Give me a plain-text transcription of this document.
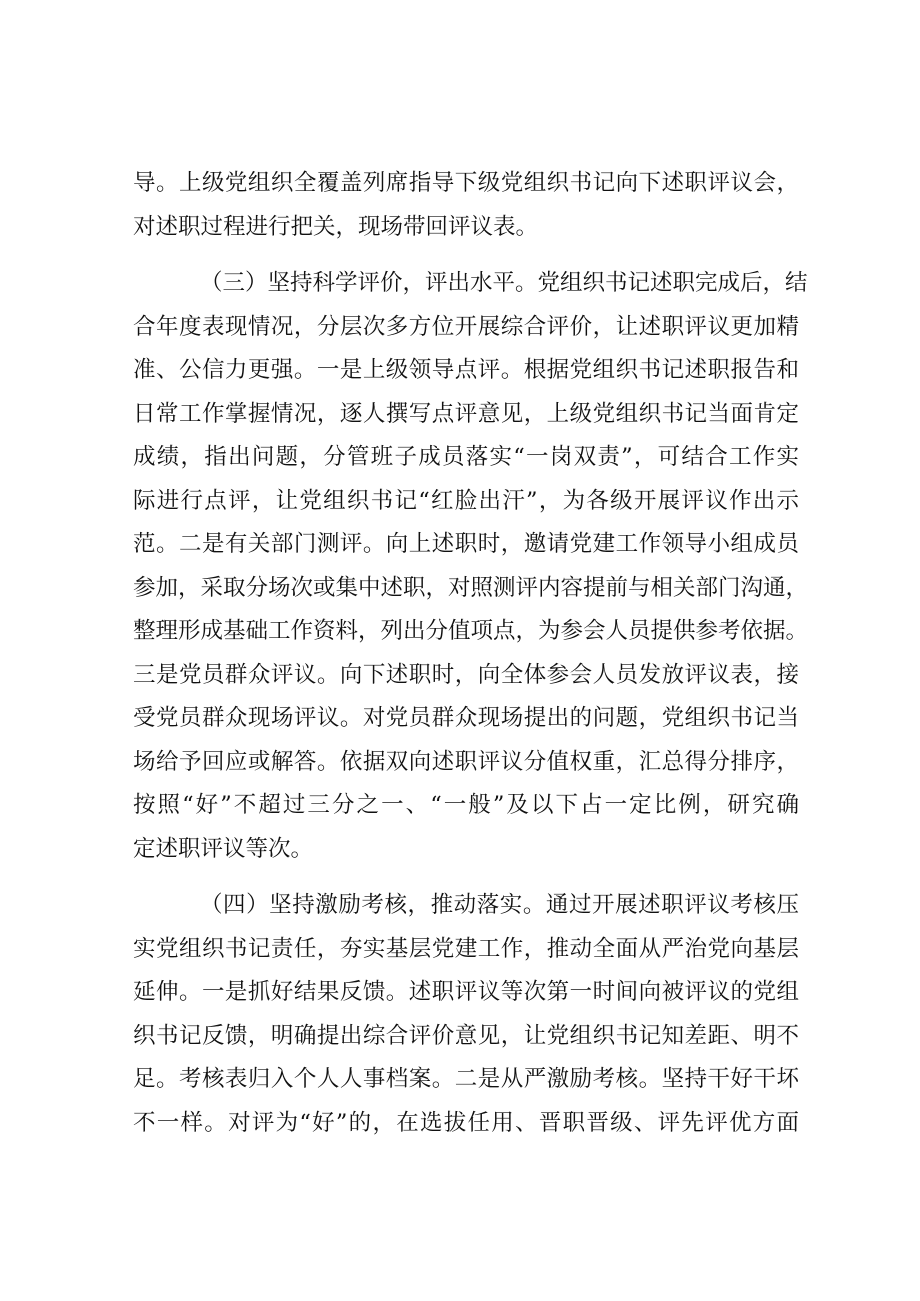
导。上级党组织全覆盖列席指导下级党组织书记向下述职评议会，
对述职过程进行把关，现场带回评议表。
（三）坚持科学评价，评出水平。党组织书记述职完成后，结
合年度表现情况，分层次多方位开展综合评价，让述职评议更加精
准、公信力更强。一是上级领导点评。根据党组织书记述职报告和
日常工作掌握情况，逐人撰写点评意见，上级党组织书记当面肯定
成绩，指出问题，分管班子成员落实“一岗双责”，可结合工作实
际进行点评，让党组织书记“红脸出汗”，为各级开展评议作出示
范。二是有关部门测评。向上述职时，邀请党建工作领导小组成员
参加，采取分场次或集中述职，对照测评内容提前与相关部门沟通，
整理形成基础工作资料，列出分值项点，为参会人员提供参考依据。
三是党员群众评议。向下述职时，向全体参会人员发放评议表，接
受党员群众现场评议。对党员群众现场提出的问题，党组织书记当
场给予回应或解答。依据双向述职评议分值权重，汇总得分排序，
按照“好”不超过三分之一、“一般”及以下占一定比例，研究确
定述职评议等次。
（四）坚持激励考核，推动落实。通过开展述职评议考核压
实党组织书记责任，夯实基层党建工作，推动全面从严治党向基层
延伸。一是抓好结果反馈。述职评议等次第一时间向被评议的党组
织书记反馈，明确提出综合评价意见，让党组织书记知差距、明不
足。考核表归入个人人事档案。二是从严激励考核。坚持干好干坏
不一样。对评为“好”的，在选拔任用、晋职晋级、评先评优方面
